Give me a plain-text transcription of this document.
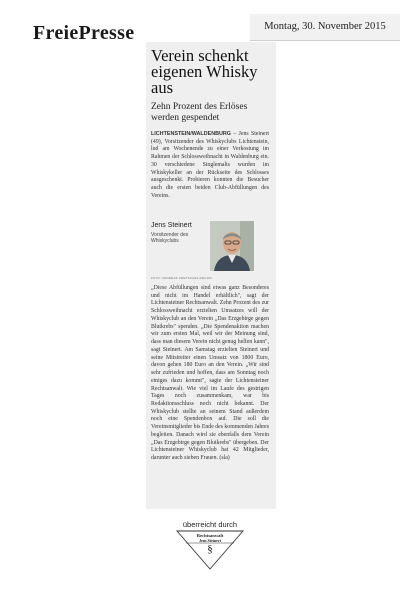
FreiePresse	Montag, 30. November 2015
Verein schenkt eigenen Whisky aus
Zehn Prozent des Erlöses werden gespendet
LICHTENSTEIN/WALDENBURG – Jens Steinert (49), Vorsitzender des Whiskyclubs Lichtenstein, lud am Wochenende zu einer Verkostung im Rahmen der Schlossweihnacht in Waldenburg ein. 30 verschiedene Singlemalts wurden im Whiskykeller an der Rückseite des Schlosses ausgeschenkt. Probieren konnten die Besucher auch die ersten beiden Club-Abfüllungen des Vereins.
Jens Steinert
Vorsitzender des Whiskyclubs
FOTO: ANDREAS KRETSCHEL/ARCHIV
„Diese Abfüllungen sind etwas ganz Besonderes und nicht im Handel erhältlich", sagt der Lichtensteiner Rechtsanwalt. Zehn Prozent des zur Schlossweihnacht erzielten Umsatzes will der Whiskyclub an den Verein „Das Erzgebirge gegen Blutkrebs" spenden. „Die Spendenaktion machen wir zum ersten Mal, weil wir der Meinung sind, dass man diesem Verein nicht genug helfen kann", sagt Steinert. Am Samstag erzielten Steinert und seine Mitstreiter einen Umsatz von 1800 Euro, davon gehen 180 Euro an den Verein. „Wir sind sehr zufrieden und hoffen, dass am Sonntag noch einiges dazu kommt", sagte der Lichtensteiner Rechtsanwalt. Wie viel im Laufe des gestrigen Tages noch zusammenkam, war bis Redaktionsschluss noch nicht bekannt. Der Whiskyclub stellte an seinem Stand außerdem noch eine Spendenbox auf. Die soll die Vereinsmitglieder bis Ende des kommenden Jahres begleiten. Danach wird sie ebenfalls dem Verein „Das Erzgebirge gegen Blutkrebs" übergeben. Der Lichtensteiner Whiskyclub hat 42 Mitglieder, darunter auch sieben Frauen. (sla)
überreicht durch
Rechtsanwalt
Jens Steinert
§
